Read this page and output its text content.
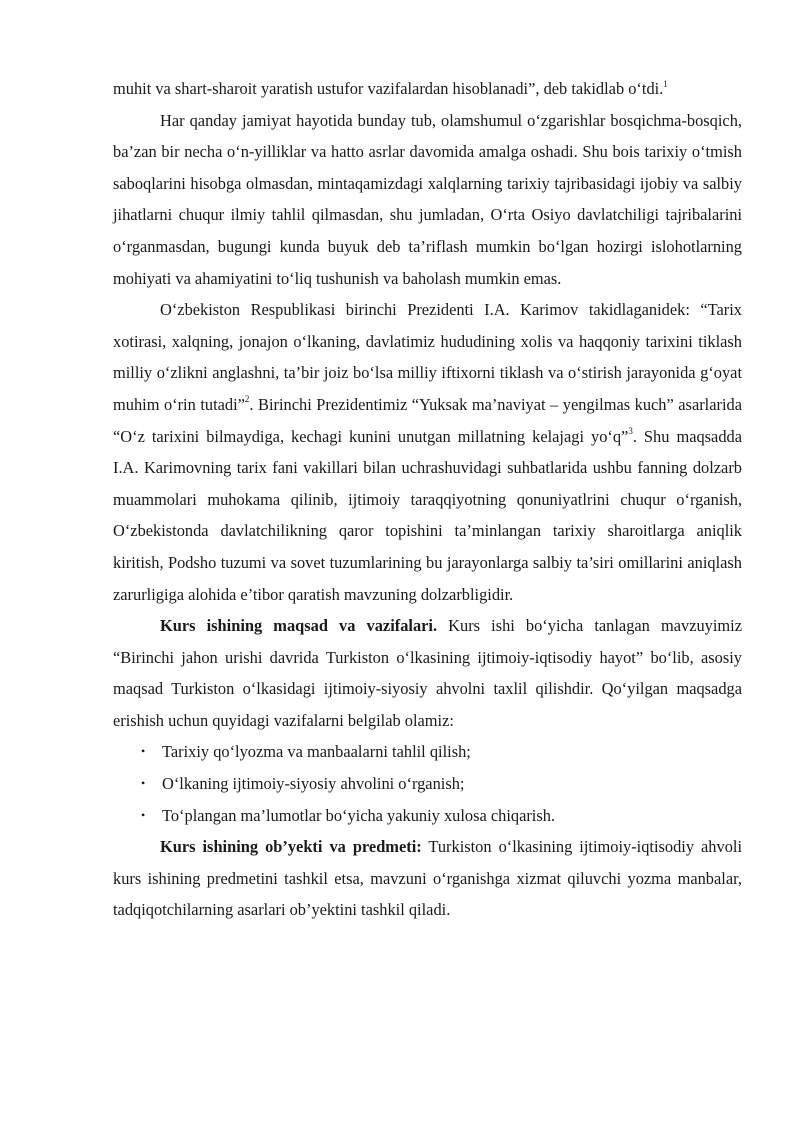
muhit va shart-sharoit yaratish ustufor vazifalardan hisoblanadi”, deb takidlab o‘tdi.$^1$

Har qanday jamiyat hayotida bunday tub, olamshumul o‘zgarishlar bosqichma-bosqich, ba’zan bir necha o‘n-yilliklar va hatto asrlar davomida amalga oshadi. Shu bois tarixiy o‘tmish saboqlarini hisobga olmasdan, mintaqamizdagi xalqlarning tarixiy tajribasidagi ijobiy va salbiy jihatlarni chuqur ilmiy tahlil qilmasdan, shu jumladan, O‘rta Osiyo davlatchiligi tajribalarini o‘rganmasdan, bugungi kunda buyuk deb ta’riflash mumkin bo‘lgan hozirgi islohotlarning mohiyati va ahamiyatini to‘liq tushunish va baholash mumkin emas.

O‘zbekiston Respublikasi birinchi Prezidenti I.A. Karimov takidlaganidek: “Tarix xotirasi, xalqning, jonajon o‘lkaning, davlatimiz hududining xolis va haqqoniy tarixini tiklash milliy o‘zlikni anglashni, ta’bir joiz bo‘lsa milliy iftixorni tiklash va o‘stirish jarayonida g‘oyat muhim o‘rin tutadi”$^2$. Birinchi Prezidentimiz “Yuksak ma’naviyat – yengilmas kuch” asarlarida “O‘z tarixini bilmaydiga, kechagi kunini unutgan millatning kelajagi yo‘q”$^3$. Shu maqsadda I.A. Karimovning tarix fani vakillari bilan uchrashuvidagi suhbatlarida ushbu fanning dolzarb muammolari muhokama qilinib, ijtimoiy taraqqiyotning qonuniyatlrini chuqur o‘rganish, O‘zbekistonda davlatchilikning qaror topishini ta’minlangan tarixiy sharoitlarga aniqlik kiritish, Podsho tuzumi va sovet tuzumlarining bu jarayonlarga salbiy ta’siri omillarini aniqlash zarurligiga alohida e’tibor qaratish mavzuning dolzarbligidir.

Kurs ishining maqsad va vazifalari. Kurs ishi bo‘yicha tanlagan mavzuyimiz “Birinchi jahon urishi davrida Turkiston o‘lkasining ijtimoiy-iqtisodiy hayot” bo‘lib, asosiy maqsad Turkiston o‘lkasidagi ijtimoiy-siyosiy ahvolni taxlil qilishdir. Qo‘yilgan maqsadga erishish uchun quyidagi vazifalarni belgilab olamiz:

• Tarixiy qo‘lyozma va manbaalarni tahlil qilish;
• O‘lkaning ijtimoiy-siyosiy ahvolini o‘rganish;
• To‘plangan ma’lumotlar bo‘yicha yakuniy xulosa chiqarish.

Kurs ishining ob’yekti va predmeti: Turkiston o‘lkasining ijtimoiy-iqtisodiy ahvoli kurs ishining predmetini tashkil etsa, mavzuni o‘rganishga xizmat qiluvchi yozma manbalar, tadqiqotchilarning asarlari ob’yektini tashkil qiladi.
